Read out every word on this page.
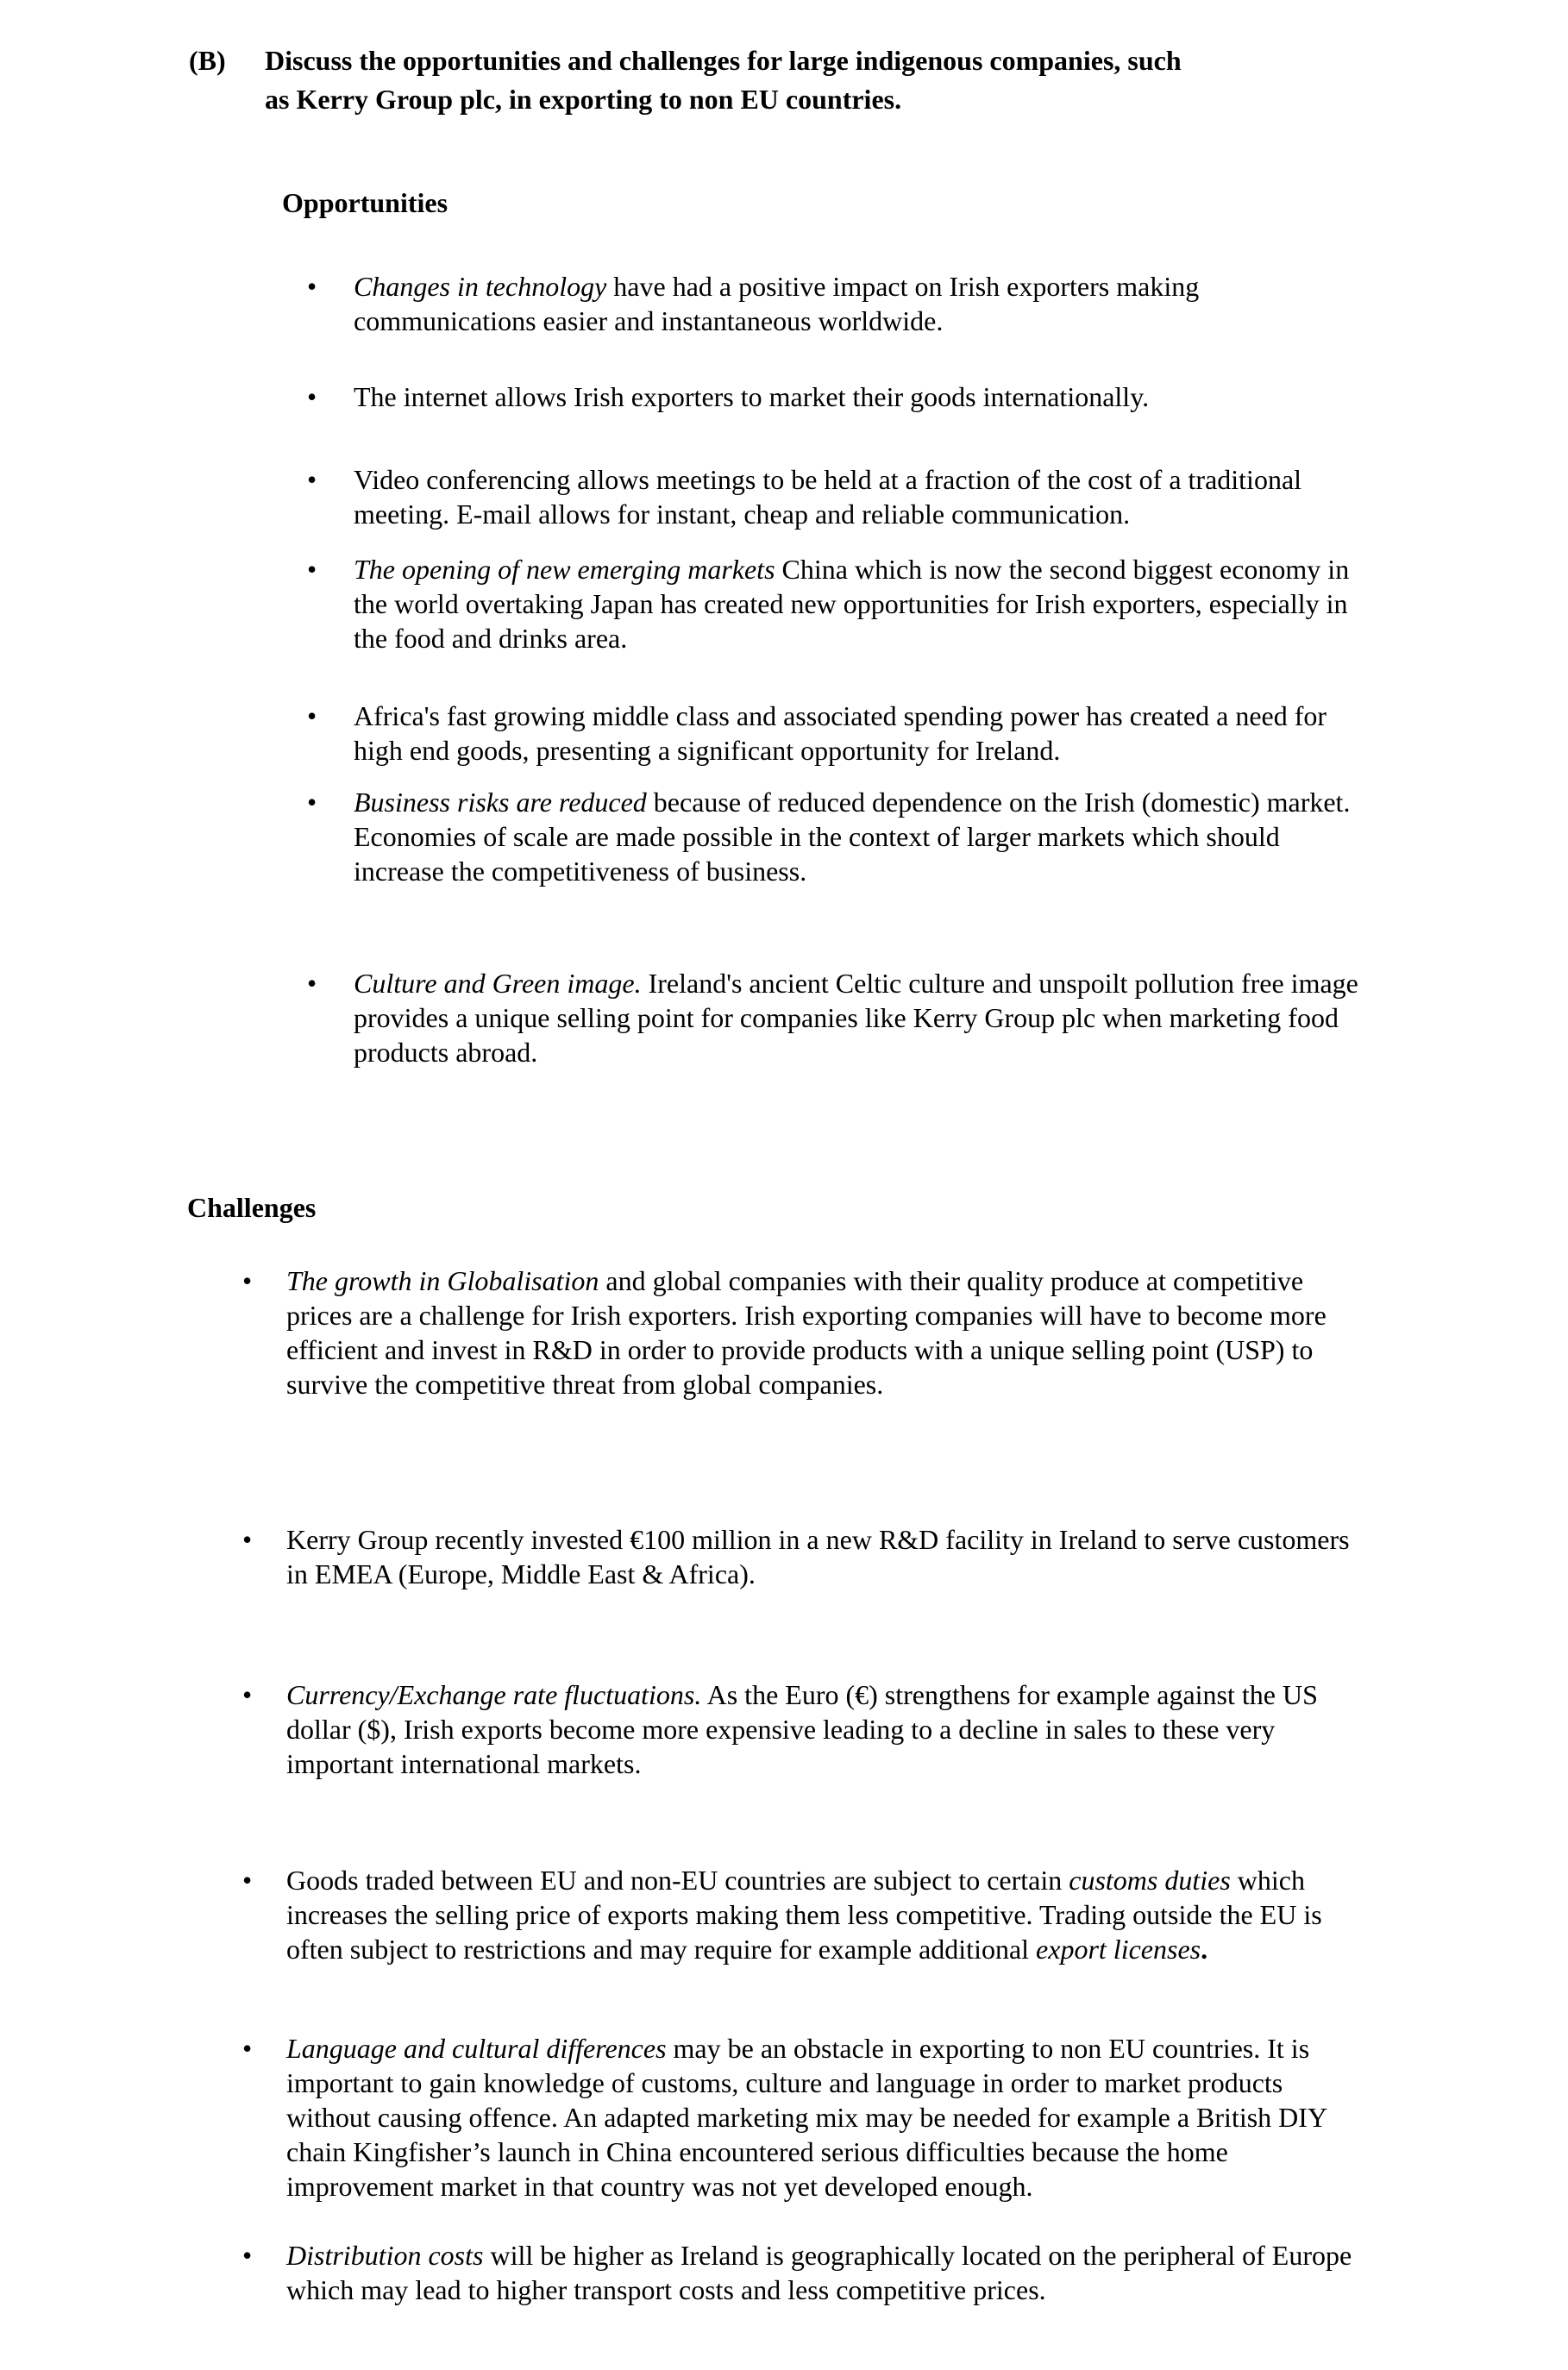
(B)	Discuss the opportunities and challenges for large indigenous companies, such
as Kerry Group plc, in exporting to non EU countries.
Opportunities
• Changes in technology have had a positive impact on Irish exporters making communications easier and instantaneous worldwide.
• The internet allows Irish exporters to market their goods internationally.
• Video conferencing allows meetings to be held at a fraction of the cost of a traditional meeting. E-mail allows for instant, cheap and reliable communication.
• The opening of new emerging markets China which is now the second biggest economy in the world overtaking Japan has created new opportunities for Irish exporters, especially in the food and drinks area.
• Africa's fast growing middle class and associated spending power has created a need for high end goods, presenting a significant opportunity for Ireland.
• Business risks are reduced because of reduced dependence on the Irish (domestic) market. Economies of scale are made possible in the context of larger markets which should increase the competitiveness of business.
• Culture and Green image. Ireland's ancient Celtic culture and unspoilt pollution free image provides a unique selling point for companies like Kerry Group plc when marketing food products abroad.
Challenges
• The growth in Globalisation and global companies with their quality produce at competitive prices are a challenge for Irish exporters. Irish exporting companies will have to become more efficient and invest in R&D in order to provide products with a unique selling point (USP) to survive the competitive threat from global companies.
• Kerry Group recently invested €100 million in a new R&D facility in Ireland to serve customers in EMEA (Europe, Middle East & Africa).
• Currency/Exchange rate fluctuations. As the Euro (€) strengthens for example against the US dollar ($), Irish exports become more expensive leading to a decline in sales to these very important international markets.
• Goods traded between EU and non-EU countries are subject to certain customs duties which increases the selling price of exports making them less competitive. Trading outside the EU is often subject to restrictions and may require for example additional export licenses.
• Language and cultural differences may be an obstacle in exporting to non EU countries. It is important to gain knowledge of customs, culture and language in order to market products without causing offence. An adapted marketing mix may be needed for example a British DIY chain Kingfisher’s launch in China encountered serious difficulties because the home improvement market in that country was not yet developed enough.
• Distribution costs will be higher as Ireland is geographically located on the peripheral of Europe which may lead to higher transport costs and less competitive prices.
